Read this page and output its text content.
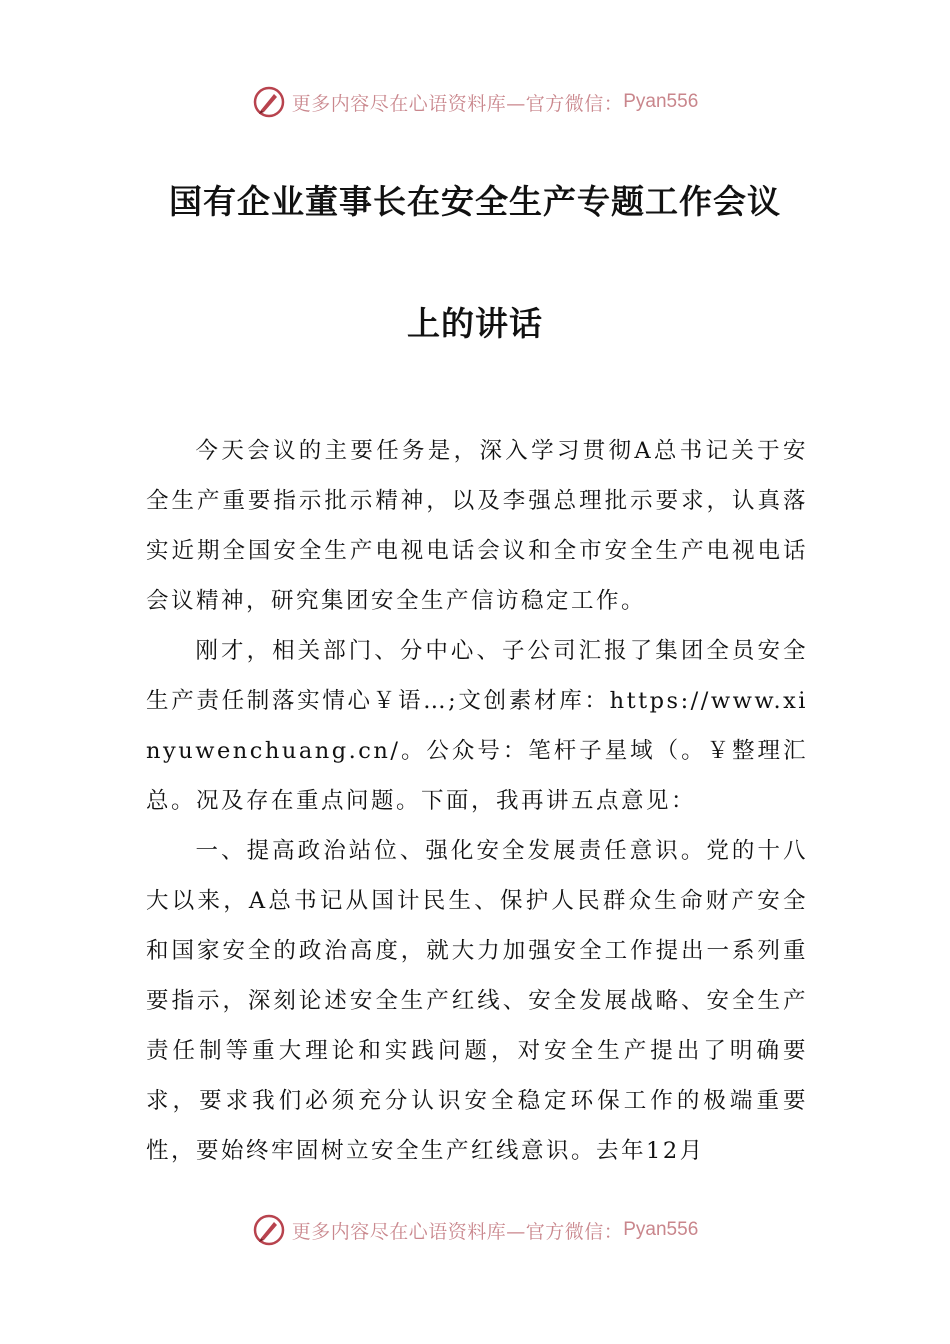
更多内容尽在心语资料库—官方微信： Pyan556
国有企业董事长在安全生产专题工作会议
上的讲话

今天会议的主要任务是，深入学习贯彻A总书记关于安全生产重要指示批示精神，以及李强总理批示要求，认真落实近期全国安全生产电视电话会议和全市安全生产电视电话会议精神，研究集团安全生产信访稳定工作。

刚才，相关部门、分中心、子公司汇报了集团全员安全生产责任制落实情心￥语…;文创素材库：https://www.xinyuwenchuang.cn/。公众号：笔杆子星域（。￥整理汇总。况及存在重点问题。下面，我再讲五点意见：

一、提高政治站位、强化安全发展责任意识。党的十八大以来，A总书记从国计民生、保护人民群众生命财产安全和国家安全的政治高度，就大力加强安全工作提出一系列重要指示，深刻论述安全生产红线、安全发展战略、安全生产责任制等重大理论和实践问题，对安全生产提出了明确要求，要求我们必须充分认识安全稳定环保工作的极端重要性，要始终牢固树立安全生产红线意识。去年12月

更多内容尽在心语资料库—官方微信： Pyan556
